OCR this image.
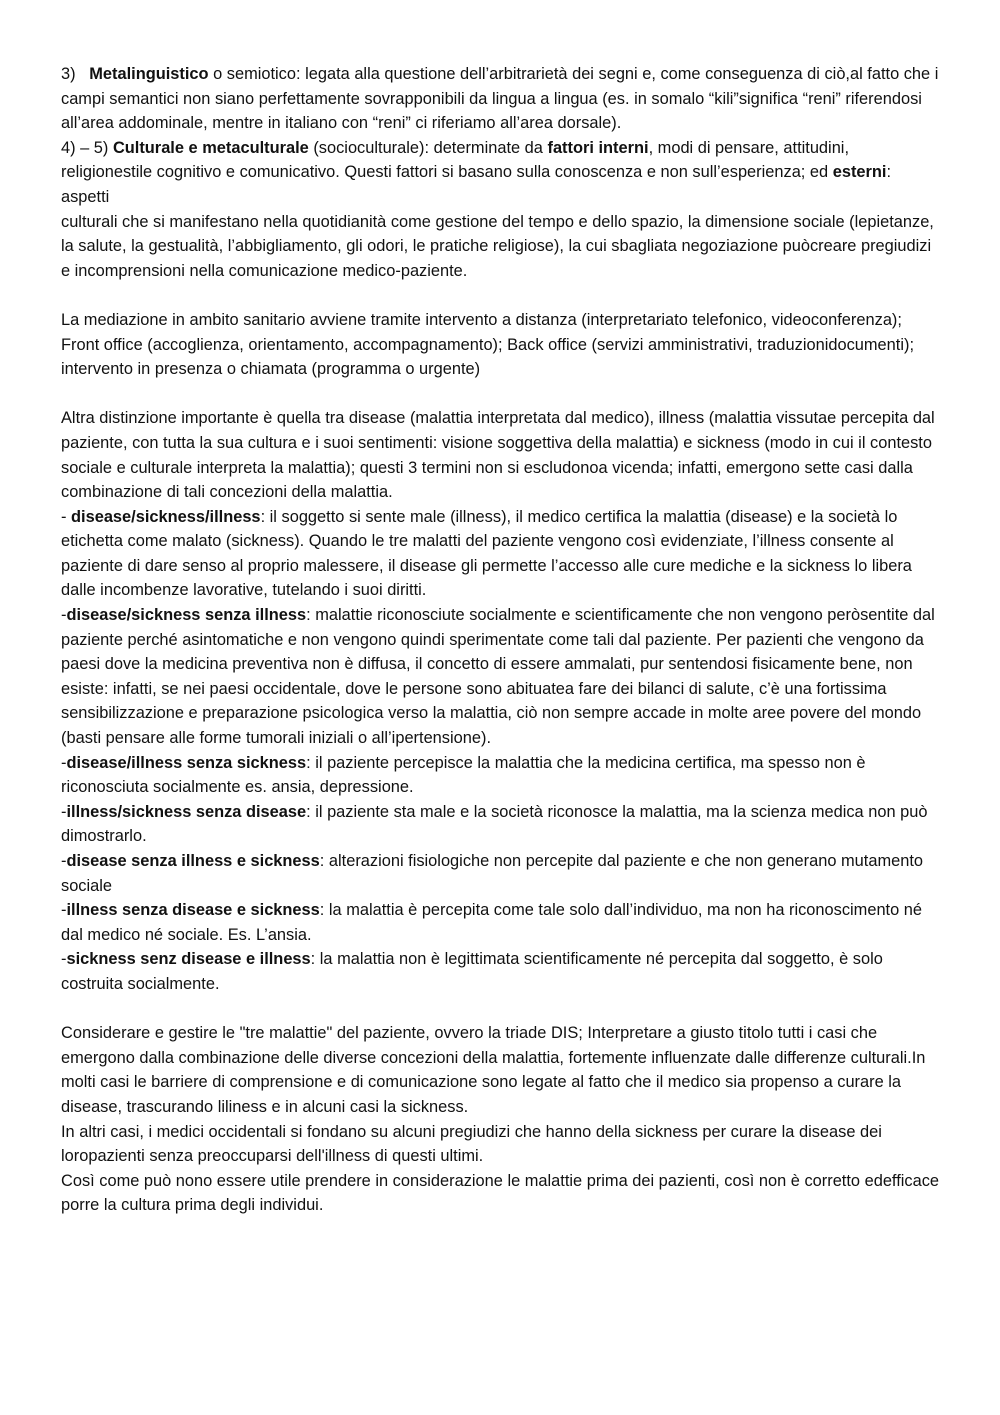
3) Metalinguistico o semiotico: legata alla questione dell’arbitrarietà dei segni e, come conseguenza di ciò,al fatto che i campi semantici non siano perfettamente sovrapponibili da lingua a lingua (es. in somalo “kili”significa “reni” riferendosi all’area addominale, mentre in italiano con “reni” ci riferiamo all’area dorsale).

4) – 5) Culturale e metaculturale (socioculturale): determinate da fattori interni, modi di pensare, attitudini, religionestile cognitivo e comunicativo. Questi fattori si basano sulla conoscenza e non sull’esperienza; ed esterni: aspetti

culturali che si manifestano nella quotidianità come gestione del tempo e dello spazio, la dimensione sociale (lepietanze, la salute, la gestualità, l’abbigliamento, gli odori, le pratiche religiose), la cui sbagliata negoziazione puòcreare pregiudizi e incomprensioni nella comunicazione medico-paziente.

La mediazione in ambito sanitario avviene tramite intervento a distanza (interpretariato telefonico, videoconferenza);

Front office (accoglienza, orientamento, accompagnamento); Back office (servizi amministrativi, traduzionidocumenti); intervento in presenza o chiamata (programma o urgente)

Altra distinzione importante è quella tra disease (malattia interpretata dal medico), illness (malattia vissutae percepita dal paziente, con tutta la sua cultura e i suoi sentimenti: visione soggettiva della malattia) e sickness (modo in cui il contesto sociale e culturale interpreta la malattia); questi 3 termini non si escludonoa vicenda; infatti, emergono sette casi dalla combinazione di tali concezioni della malattia.

- disease/sickness/illness: il soggetto si sente male (illness), il medico certifica la malattia (disease) e la società lo etichetta come malato (sickness). Quando le tre malatti del paziente vengono così evidenziate, l’illness consente al paziente di dare senso al proprio malessere, il disease gli permette l’accesso alle cure mediche e la sickness lo libera dalle incombenze lavorative, tutelando i suoi diritti.

-disease/sickness senza illness: malattie riconosciute socialmente e scientificamente che non vengono peròsentite dal paziente perché asintomatiche e non vengono quindi sperimentate come tali dal paziente. Per pazienti che vengono da paesi dove la medicina preventiva non è diffusa, il concetto di essere ammalati, pur sentendosi fisicamente bene, non esiste: infatti, se nei paesi occidentale, dove le persone sono abituatea fare dei bilanci di salute, c’è una fortissima sensibilizzazione e preparazione psicologica verso la malattia, ciò non sempre accade in molte aree povere del mondo (basti pensare alle forme tumorali iniziali o all’ipertensione).

-disease/illness senza sickness: il paziente percepisce la malattia che la medicina certifica, ma spesso non è riconosciuta socialmente es. ansia, depressione.

-illness/sickness senza disease: il paziente sta male e la società riconosce la malattia, ma la scienza medica non può dimostrarlo.

-disease senza illness e sickness: alterazioni fisiologiche non percepite dal paziente e che non generano mutamento sociale

-illness senza disease e sickness: la malattia è percepita come tale solo dall’individuo, ma non ha riconoscimento né dal medico né sociale. Es. L’ansia.

-sickness senz disease e illness: la malattia non è legittimata scientificamente né percepita dal soggetto, è solo costruita socialmente.

Considerare e gestire le "tre malattie" del paziente, ovvero la triade DIS; Interpretare a giusto titolo tutti i casi che emergono dalla combinazione delle diverse concezioni della malattia, fortemente influenzate dalle differenze culturali.In molti casi le barriere di comprensione e di comunicazione sono legate al fatto che il medico sia propenso a curare la disease, trascurando liliness e in alcuni casi la sickness.

In altri casi, i medici occidentali si fondano su alcuni pregiudizi che hanno della sickness per curare la disease dei loropazienti senza preoccuparsi dell'illness di questi ultimi.

Così come può nono essere utile prendere in considerazione le malattie prima dei pazienti, così non è corretto edefficace porre la cultura prima degli individui.
